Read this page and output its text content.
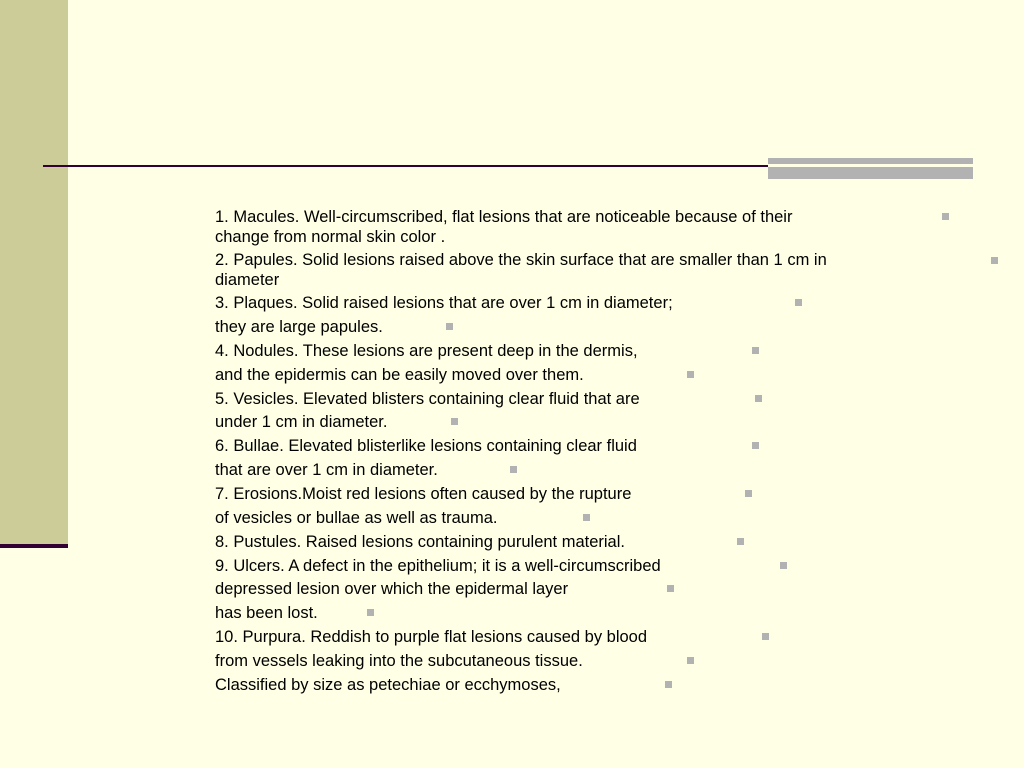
1. Macules. Well-circumscribed, flat lesions that are noticeable because of their
change from normal skin color .
2. Papules. Solid lesions raised above the skin surface that are smaller than 1 cm in
diameter
3. Plaques. Solid raised lesions that are over 1 cm in diameter;
they are large papules.
4. Nodules. These lesions are present deep in the dermis,
and the epidermis can be easily moved over them.
5. Vesicles. Elevated blisters containing clear fluid that are
under 1 cm in diameter.
6. Bullae. Elevated blisterlike lesions containing clear fluid
that are over 1 cm in diameter.
7. Erosions.Moist red lesions often caused by the rupture
of vesicles or bullae as well as trauma.
8. Pustules. Raised lesions containing purulent material.
9. Ulcers. A defect in the epithelium; it is a well-circumscribed
depressed lesion over which the epidermal layer
has been lost.
10. Purpura. Reddish to purple flat lesions caused by blood
from vessels leaking into the subcutaneous tissue.
Classified by size as petechiae or ecchymoses,
